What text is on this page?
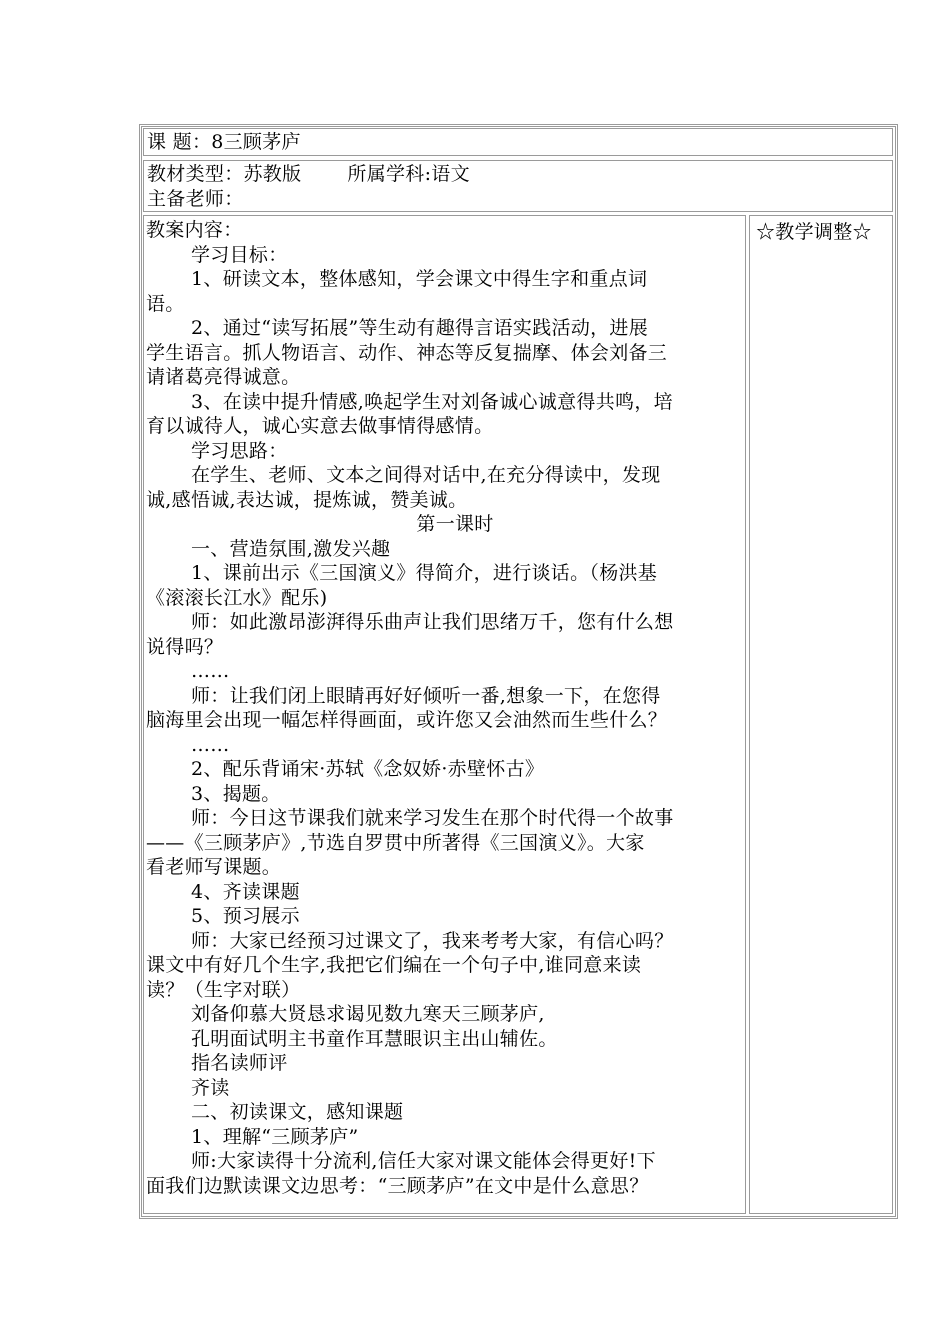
课 题：8三顾茅庐
教材类型：苏教版 所属学科:语文
主备老师：
教案内容：
学习目标：
1、研读文本，整体感知，学会课文中得生字和重点词
语。
2、通过“读写拓展”等生动有趣得言语实践活动，进展
学生语言。抓人物语言、动作、神态等反复揣摩、体会刘备三
请诸葛亮得诚意。
3、在读中提升情感,唤起学生对刘备诚心诚意得共鸣，培
育以诚待人，诚心实意去做事情得感情。
学习思路：
在学生、老师、文本之间得对话中,在充分得读中，发现
诚,感悟诚,表达诚，提炼诚，赞美诚。
第一课时
一、营造氛围,激发兴趣
1、课前出示《三国演义》得简介，进行谈话。（杨洪基
《滚滚长江水》配乐)
师：如此激昂澎湃得乐曲声让我们思绪万千，您有什么想
说得吗？
……
师：让我们闭上眼睛再好好倾听一番,想象一下，在您得
脑海里会出现一幅怎样得画面，或许您又会油然而生些什么？
……
2、配乐背诵宋·苏轼《念奴娇·赤壁怀古》
3、揭题。
师：今日这节课我们就来学习发生在那个时代得一个故事
——《三顾茅庐》,节选自罗贯中所著得《三国演义》。大家
看老师写课题。
4、齐读课题
5、预习展示
师：大家已经预习过课文了，我来考考大家，有信心吗？
课文中有好几个生字,我把它们编在一个句子中,谁同意来读
读？（生字对联）
刘备仰慕大贤恳求谒见数九寒天三顾茅庐,
孔明面试明主书童作耳慧眼识主出山辅佐。
指名读师评
齐读
二、初读课文，感知课题
1、理解“三顾茅庐”
师:大家读得十分流利,信任大家对课文能体会得更好!下
面我们边默读课文边思考：“三顾茅庐”在文中是什么意思？
☆教学调整☆
